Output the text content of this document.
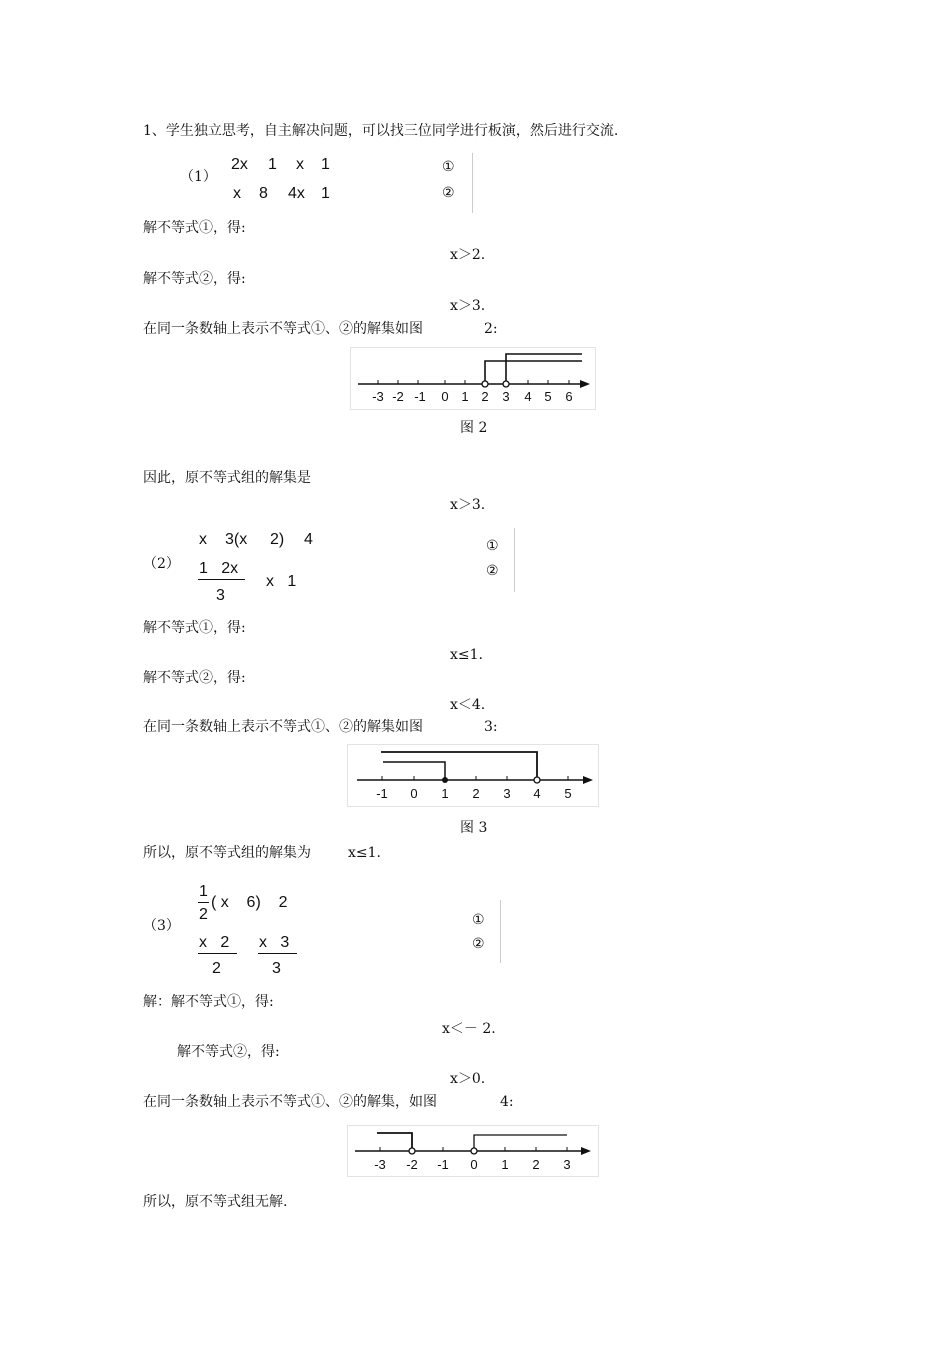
1、学生独立思考，自主解决问题，可以找三位同学进行板演，然后进行交流.
（1）
2x 1 x 1
x 8 4x 1
①
②
解不等式①，得:
x＞2.
解不等式②，得:
x＞3.
在同一条数轴上表示不等式①、②的解集如图	2:
-3 -2 -1 0 1 2 3 4 5 6
图 2
因此，原不等式组的解集是
x＞3.
（2）
x 3(x 2) 4
1   2x
3
x   1
①
②
解不等式①，得:
x≤1.
解不等式②，得:
x＜4.
在同一条数轴上表示不等式①、②的解集如图	3:
-1 0 1 2 3 4 5
图 3
所以，原不等式组的解集为	x≤1.
（3）
1
2
( x    6)    2
x   2
2
x   3
3
①
②
解：解不等式①，得:
x＜－ 2.
解不等式②，得:
x＞0.
在同一条数轴上表示不等式①、②的解集，如图	4:
-3 -2 -1 0 1 2 3
所以，原不等式组无解.
